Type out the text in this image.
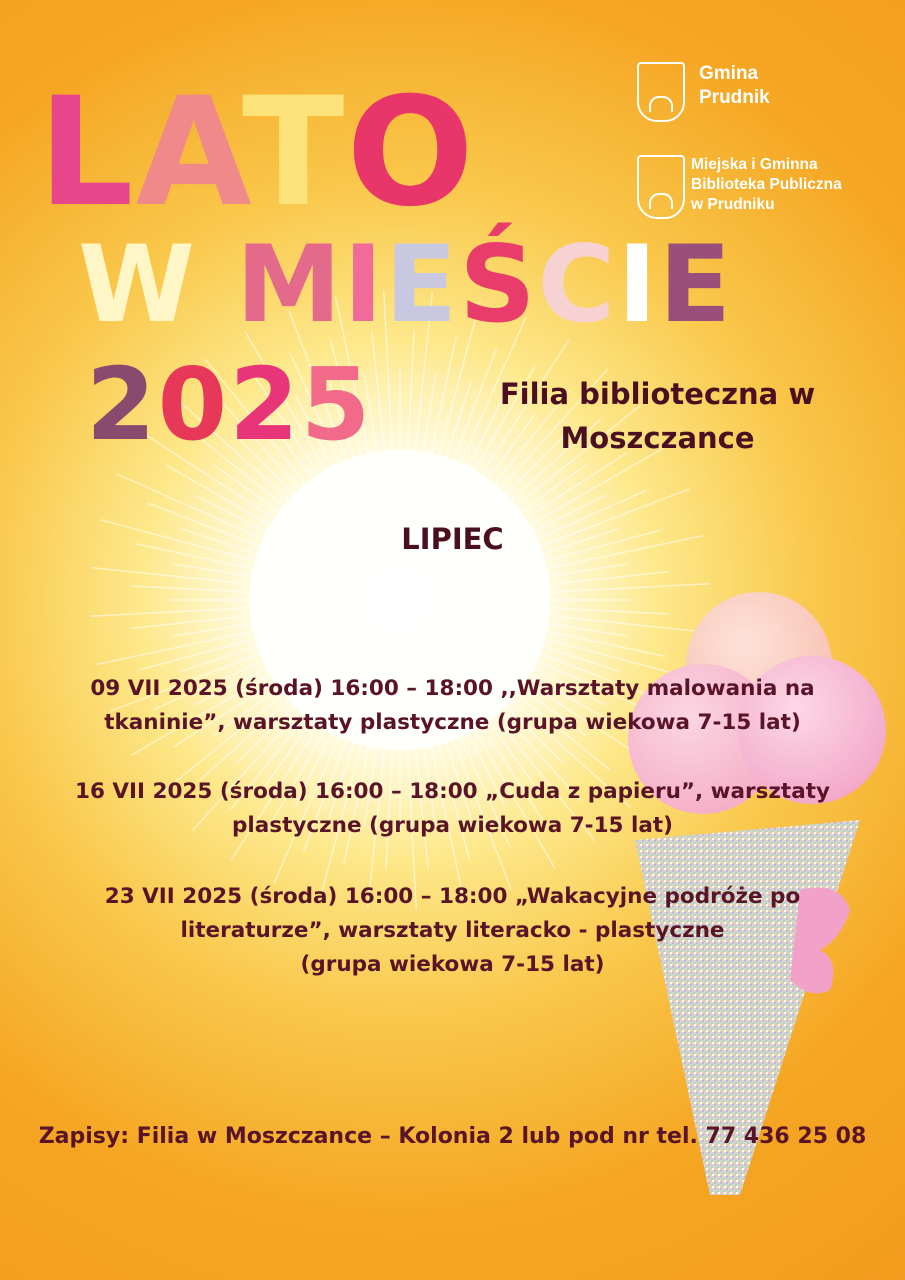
LATO
W MIEŚCIE
2025
Gmina
Prudnik
Miejska i Gminna
Biblioteka Publiczna
w Prudniku
Filia biblioteczna w
Moszczance
LIPIEC
09 VII 2025 (środa) 16:00 – 18:00 ,,Warsztaty malowania na
tkaninie”, warsztaty plastyczne (grupa wiekowa 7-15 lat)
16 VII 2025 (środa) 16:00 – 18:00 „Cuda z papieru”, warsztaty
plastyczne (grupa wiekowa 7-15 lat)
23 VII 2025 (środa) 16:00 – 18:00 „Wakacyjne podróże po
literaturze”, warsztaty literacko - plastyczne
(grupa wiekowa 7-15 lat)
Zapisy: Filia w Moszczance – Kolonia 2 lub pod nr tel. 77 436 25 08
